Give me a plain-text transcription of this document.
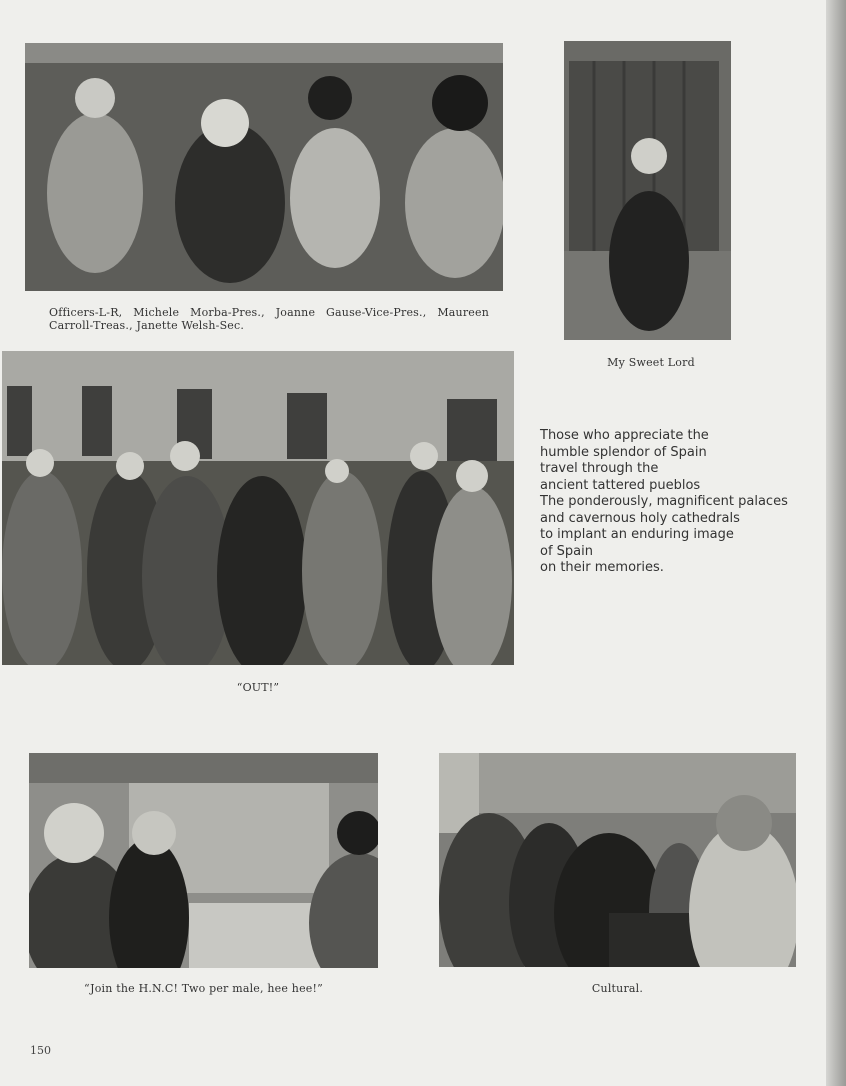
Officers-L-R, Michele Morba-Pres., Joanne Gause-Vice-Pres., Maureen Carroll-Treas., Janette Welsh-Sec.
My Sweet Lord
“OUT!”
Those who appreciate the
humble splendor of Spain
travel through the
ancient tattered pueblos
The ponderously, magnificent palaces
and cavernous holy cathedrals
to implant an enduring image
of Spain
on their memories.
“Join the H.N.C! Two per male, hee hee!”	Cultural.
150
